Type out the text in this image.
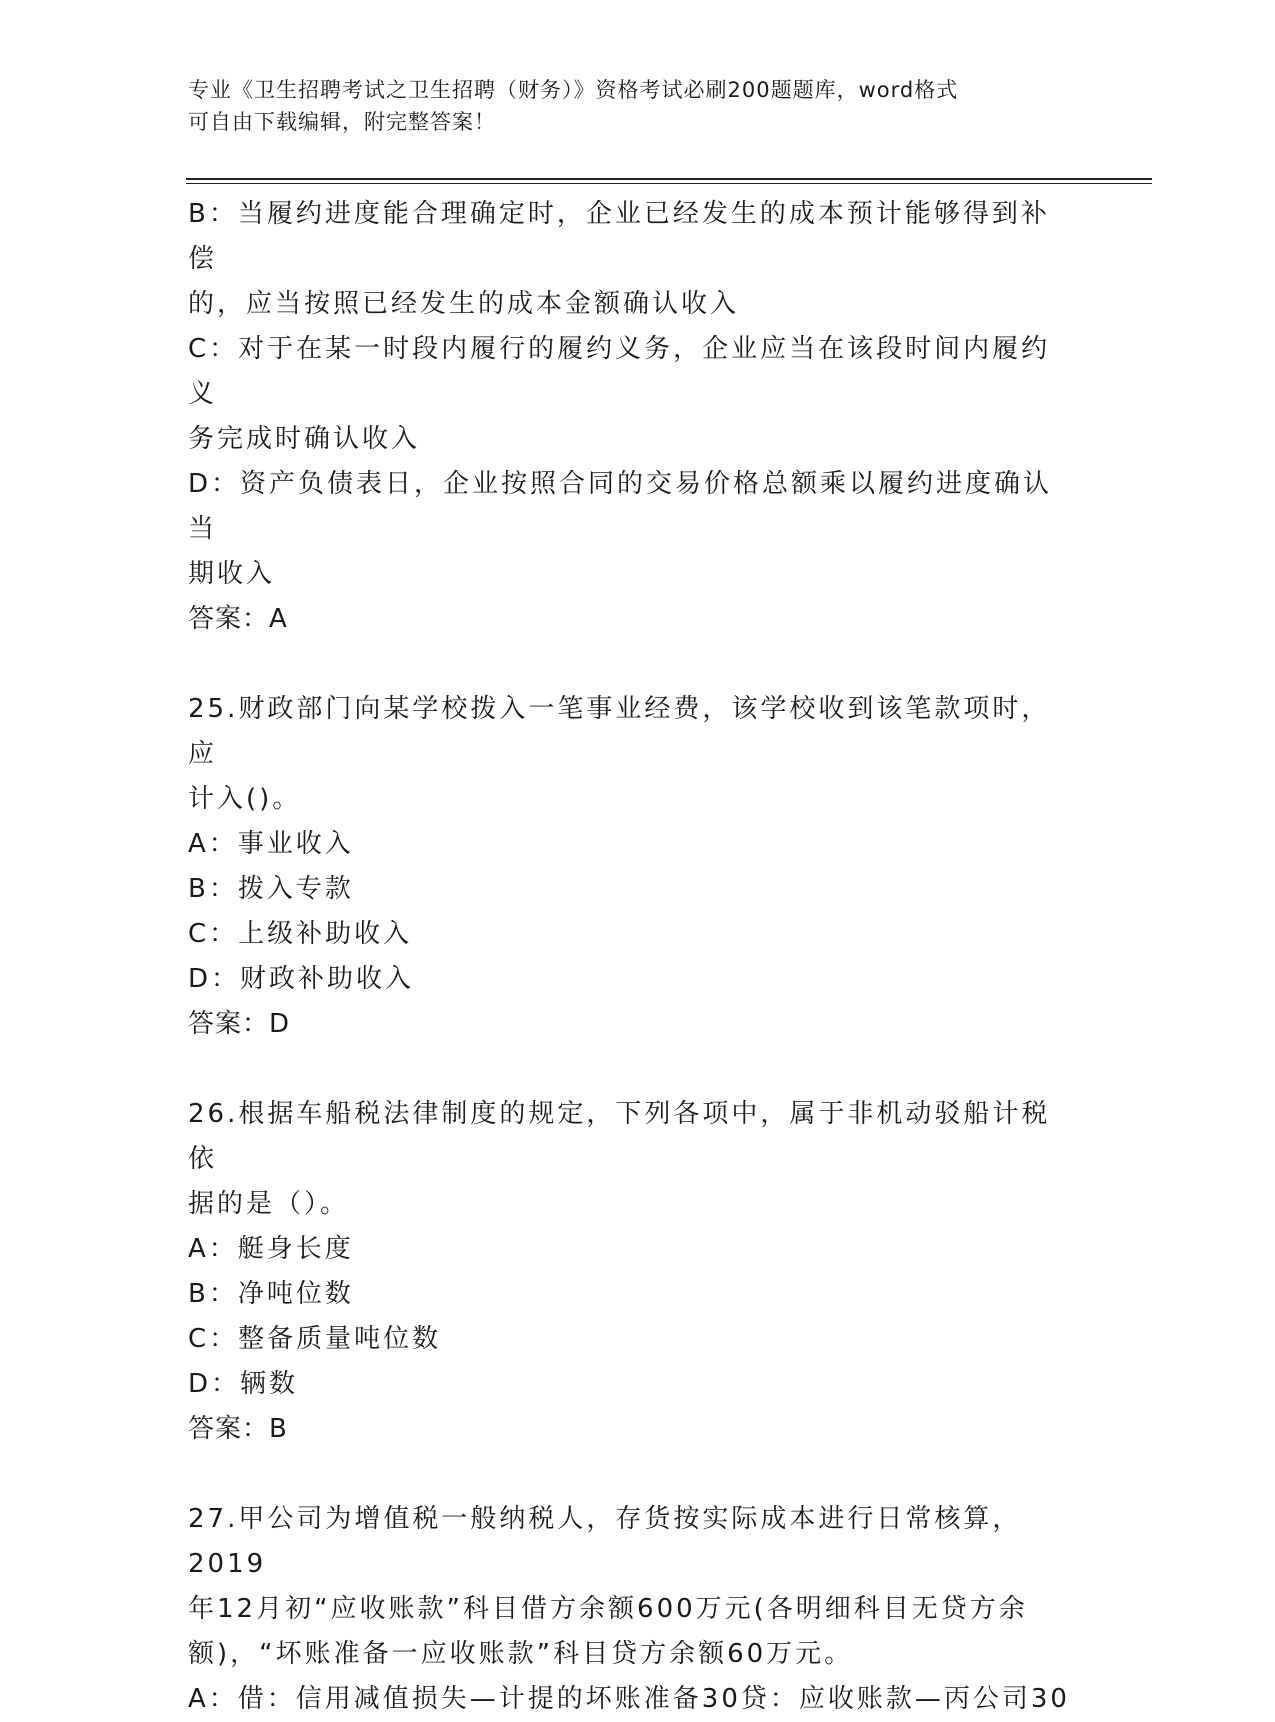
专业《卫生招聘考试之卫生招聘（财务）》资格考试必刷200题题库，word格式

可自由下载编辑，附完整答案！

B：当履约进度能合理确定时，企业已经发生的成本预计能够得到补偿

的，应当按照已经发生的成本金额确认收入

C：对于在某一时段内履行的履约义务，企业应当在该段时间内履约义

务完成时确认收入

D：资产负债表日，企业按照合同的交易价格总额乘以履约进度确认当

期收入

答案：A

25.财政部门向某学校拨入一笔事业经费，该学校收到该笔款项时，应

计入()。

A：事业收入

B：拨入专款

C：上级补助收入

D：财政补助收入

答案：D

26.根据车船税法律制度的规定，下列各项中，属于非机动驳船计税依

据的是（）。

A：艇身长度

B：净吨位数

C：整备质量吨位数

D：辆数

答案：B

27.甲公司为增值税一般纳税人，存货按实际成本进行日常核算，2019

年12月初“应收账款”科目借方余额600万元(各明细科目无贷方余

额)，“坏账准备一应收账款”科目贷方余额60万元。

A：借：信用减值损失—计提的坏账准备30贷：应收账款—丙公司30
